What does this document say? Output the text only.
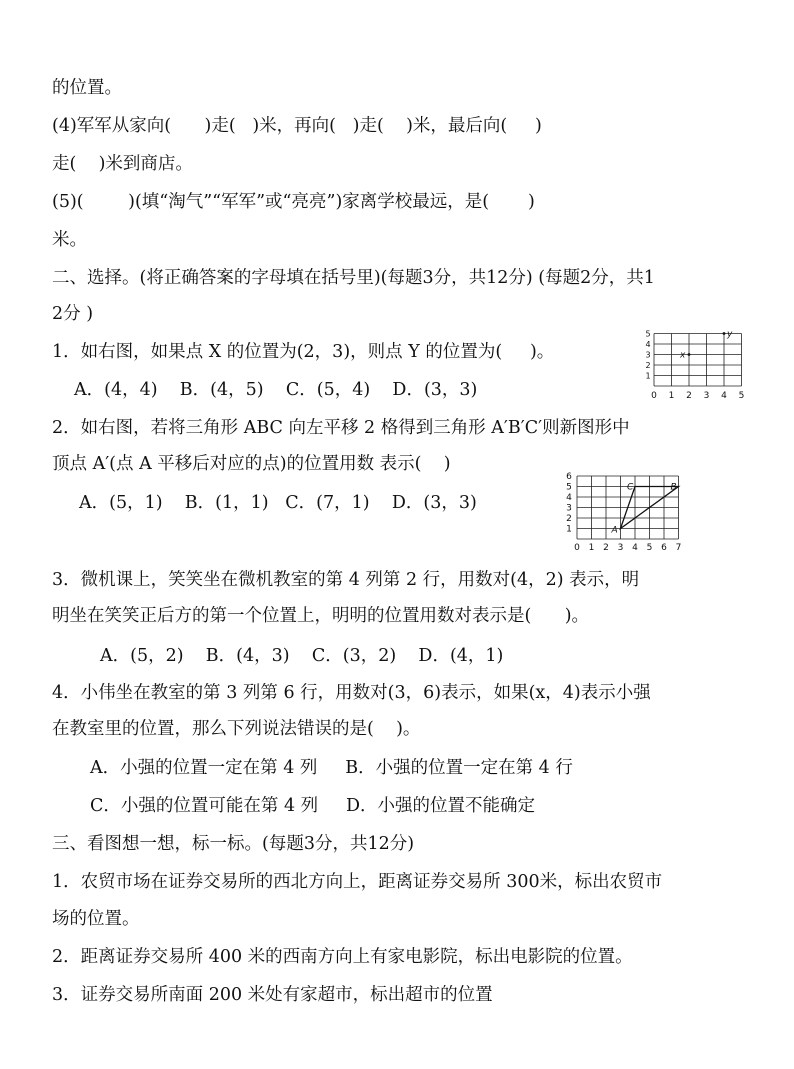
的位置。
(4)军军从家向(      )走(   )米，再向(   )走(    )米，最后向(     )
走(    )米到商店。
(5)(        )(填“淘气”“军军”或“亮亮”)家离学校最远，是(       )
米。
二、选择。(将正确答案的字母填在括号里)(每题3分，共12分) (每题2分，共1
2分 )
1．如右图，如果点 X 的位置为(2，3)，则点 Y 的位置为(     )。
A．(4，4)    B．(4，5)    C．(5，4)    D．(3，3)
2．如右图，若将三角形 ABC 向左平移 2 格得到三角形 A′B′C′则新图形中
顶点 A′(点 A 平移后对应的点)的位置用数 表示(    )
A．(5，1)    B．(1，1)   C．(7，1)    D．(3，3)
3．微机课上，笑笑坐在微机教室的第 4 列第 2 行，用数对(4，2) 表示，明
明坐在笑笑正后方的第一个位置上，明明的位置用数对表示是(      )。
A．(5，2)    B．(4，3)    C．(3，2)    D．(4，1)
4．小伟坐在教室的第 3 列第 6 行，用数对(3，6)表示，如果(x，4)表示小强
在教室里的位置，那么下列说法错误的是(    )。
A．小强的位置一定在第 4 列     B．小强的位置一定在第 4 行
C．小强的位置可能在第 4 列     D．小强的位置不能确定
三、看图想一想，标一标。(每题3分，共12分)
1．农贸市场在证券交易所的西北方向上，距离证券交易所 300米，标出农贸市
场的位置。
2．距离证券交易所 400 米的西南方向上有家电影院，标出电影院的位置。
3．证券交易所南面 200 米处有家超市，标出超市的位置
0 1 2 3 4 5
1
2
3
4
5
x
y
0 1 2 3 4 5 6 7
1
2
3
4
5
6
A
B
C
